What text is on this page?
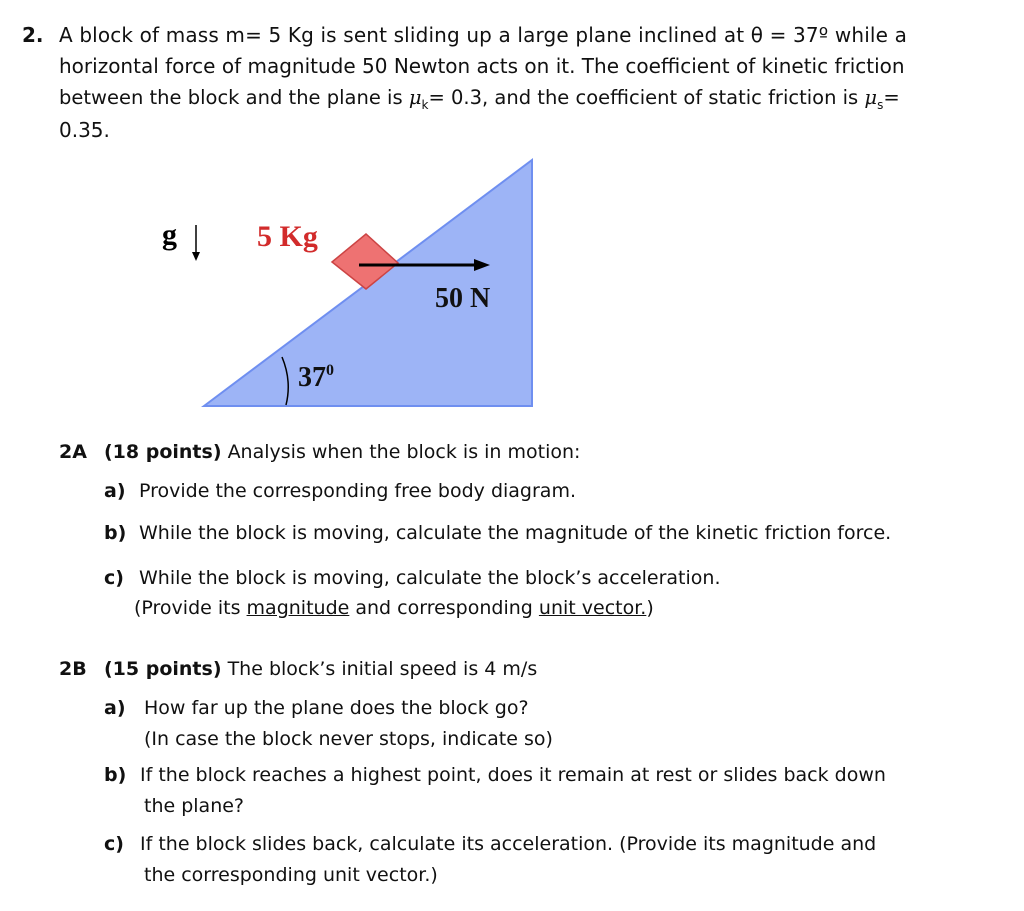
2. A block of mass m= 5 Kg is sent sliding up a large plane inclined at θ = 37º while a
horizontal force of magnitude 50 Newton acts on it. The coefficient of kinetic friction
between the block and the plane is $\mu_k= 0.3$, and the coefficient of static friction is $\mu_s=$
0.35.
g	5 Kg
50 N
$37^0$
2A (18 points) Analysis when the block is in motion:
a) Provide the corresponding free body diagram.
b) While the block is moving, calculate the magnitude of the kinetic friction force.
c) While the block is moving, calculate the block’s acceleration.
(Provide its magnitude and corresponding unit vector.)
2B (15 points) The block’s initial speed is 4 m/s
a) How far up the plane does the block go?
(In case the block never stops, indicate so)
b) If the block reaches a highest point, does it remain at rest or slides back down
the plane?
c) If the block slides back, calculate its acceleration. (Provide its magnitude and
the corresponding unit vector.)
